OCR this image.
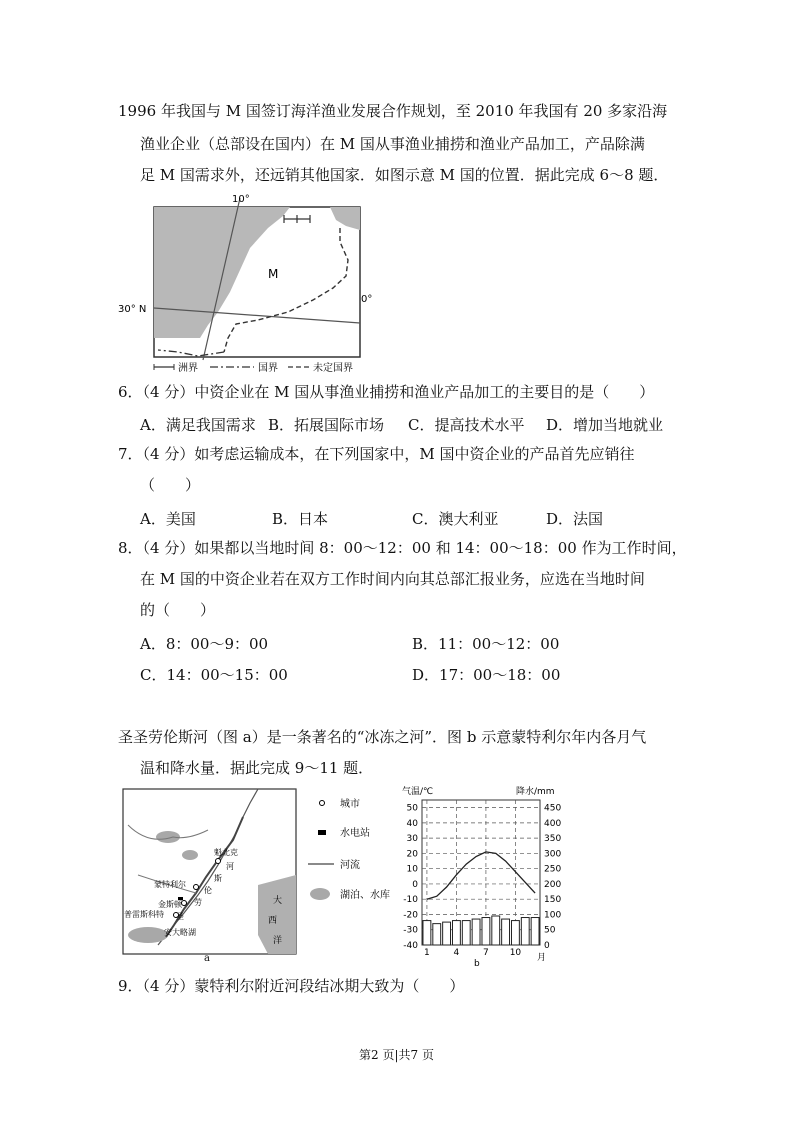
1996 年我国与 M 国签订海洋渔业发展合作规划，至 2010 年我国有 20 多家沿海
渔业企业（总部设在国内）在 M 国从事渔业捕捞和渔业产品加工，产品除满
足 M 国需求外，还远销其他国家．如图示意 M 国的位置．据此完成 6～8 题．
10°
30° N
0°
M
洲界	国界	未定国界
6．（4 分）中资企业在 M 国从事渔业捕捞和渔业产品加工的主要目的是（　　）
A．满足我国需求 B．拓展国际市场 C．提高技术水平 D．增加当地就业
7．（4 分）如考虑运输成本，在下列国家中，M 国中资企业的产品首先应销往
（　　）
A．美国	B．日本	C．澳大利亚	D．法国
8．（4 分）如果都以当地时间 8：00～12：00 和 14：00～18：00 作为工作时间，
在 M 国的中资企业若在双方工作时间内向其总部汇报业务，应选在当地时间
的（　　）
A．8：00～9：00	B．11：00～12：00
C．14：00～15：00	D．17：00～18：00
圣圣劳伦斯河（图 a）是一条著名的“冰冻之河”．图 b 示意蒙特利尔年内各月气
温和降水量．据此完成 9～11 题．
魁北克
蒙特利尔
金斯顿
普雷斯科特
河
斯
伦
劳
圣
安大略湖
大
西
洋
城市
水电站
河流
湖泊、水库
a
气温/℃	降水/mm
50
40
30
20
10
0
-10
-20
-30
-40
450
400
350
300
250
200
150
100
50
0
1	4	7 10 月
b
9．（4 分）蒙特利尔附近河段结冰期大致为（　　）
第2 页|共7 页
